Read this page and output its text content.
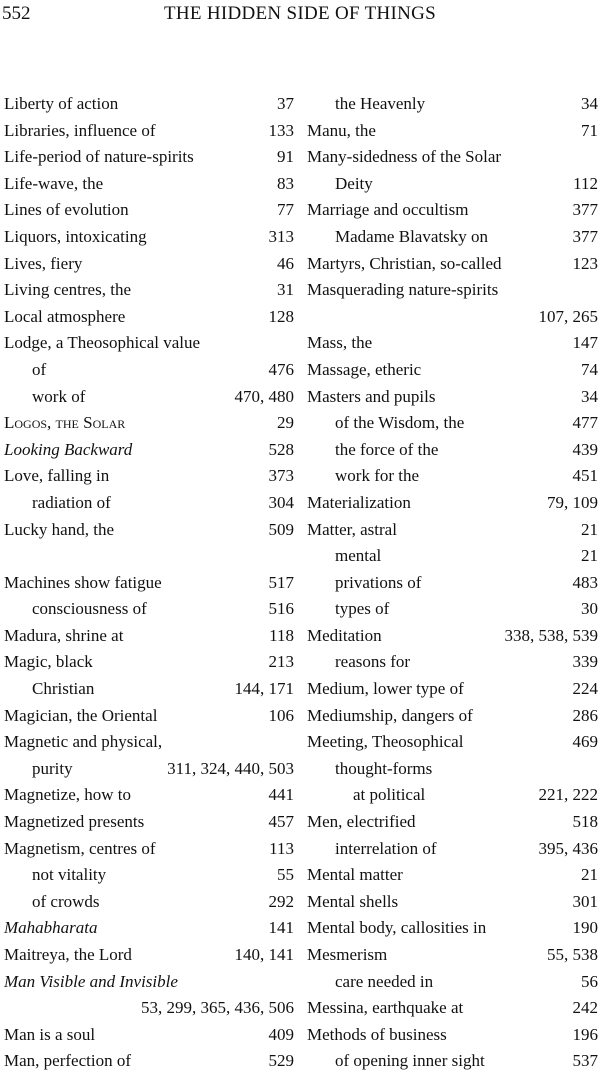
552	THE HIDDEN SIDE OF THINGS
Liberty of action	37
Libraries, influence of	133
Life-period of nature-spirits	91
Life-wave, the	83
Lines of evolution	77
Liquors, intoxicating	313
Lives, fiery	46
Living centres, the	31
Local atmosphere	128
Lodge, a Theosophical value
of	476
work of	470, 480
Logos, the Solar	29
Looking Backward	528
Love, falling in	373
radiation of	304
Lucky hand, the	509
Machines show fatigue	517
consciousness of	516
Madura, shrine at	118
Magic, black	213
Christian	144, 171
Magician, the Oriental	106
Magnetic and physical,
purity	311, 324, 440, 503
Magnetize, how to	441
Magnetized presents	457
Magnetism, centres of	113
not vitality	55
of crowds	292
Mahabharata	141
Maitreya, the Lord	140, 141
Man Visible and Invisible
53, 299, 365, 436, 506
Man is a soul	409
Man, perfection of	529
the Heavenly	34
Manu, the	71
Many-sidedness of the Solar
Deity	112
Marriage and occultism	377
Madame Blavatsky on	377
Martyrs, Christian, so-called	123
Masquerading nature-spirits
107, 265
Mass, the	147
Massage, etheric	74
Masters and pupils	34
of the Wisdom, the	477
the force of the	439
work for the	451
Materialization	79, 109
Matter, astral	21
mental	21
privations of	483
types of	30
Meditation	338, 538, 539
reasons for	339
Medium, lower type of	224
Mediumship, dangers of	286
Meeting, Theosophical	469
thought-forms
at political	221, 222
Men, electrified	518
interrelation of	395, 436
Mental matter	21
Mental shells	301
Mental body, callosities in	190
Mesmerism	55, 538
care needed in	56
Messina, earthquake at	242
Methods of business	196
of opening inner sight	537
